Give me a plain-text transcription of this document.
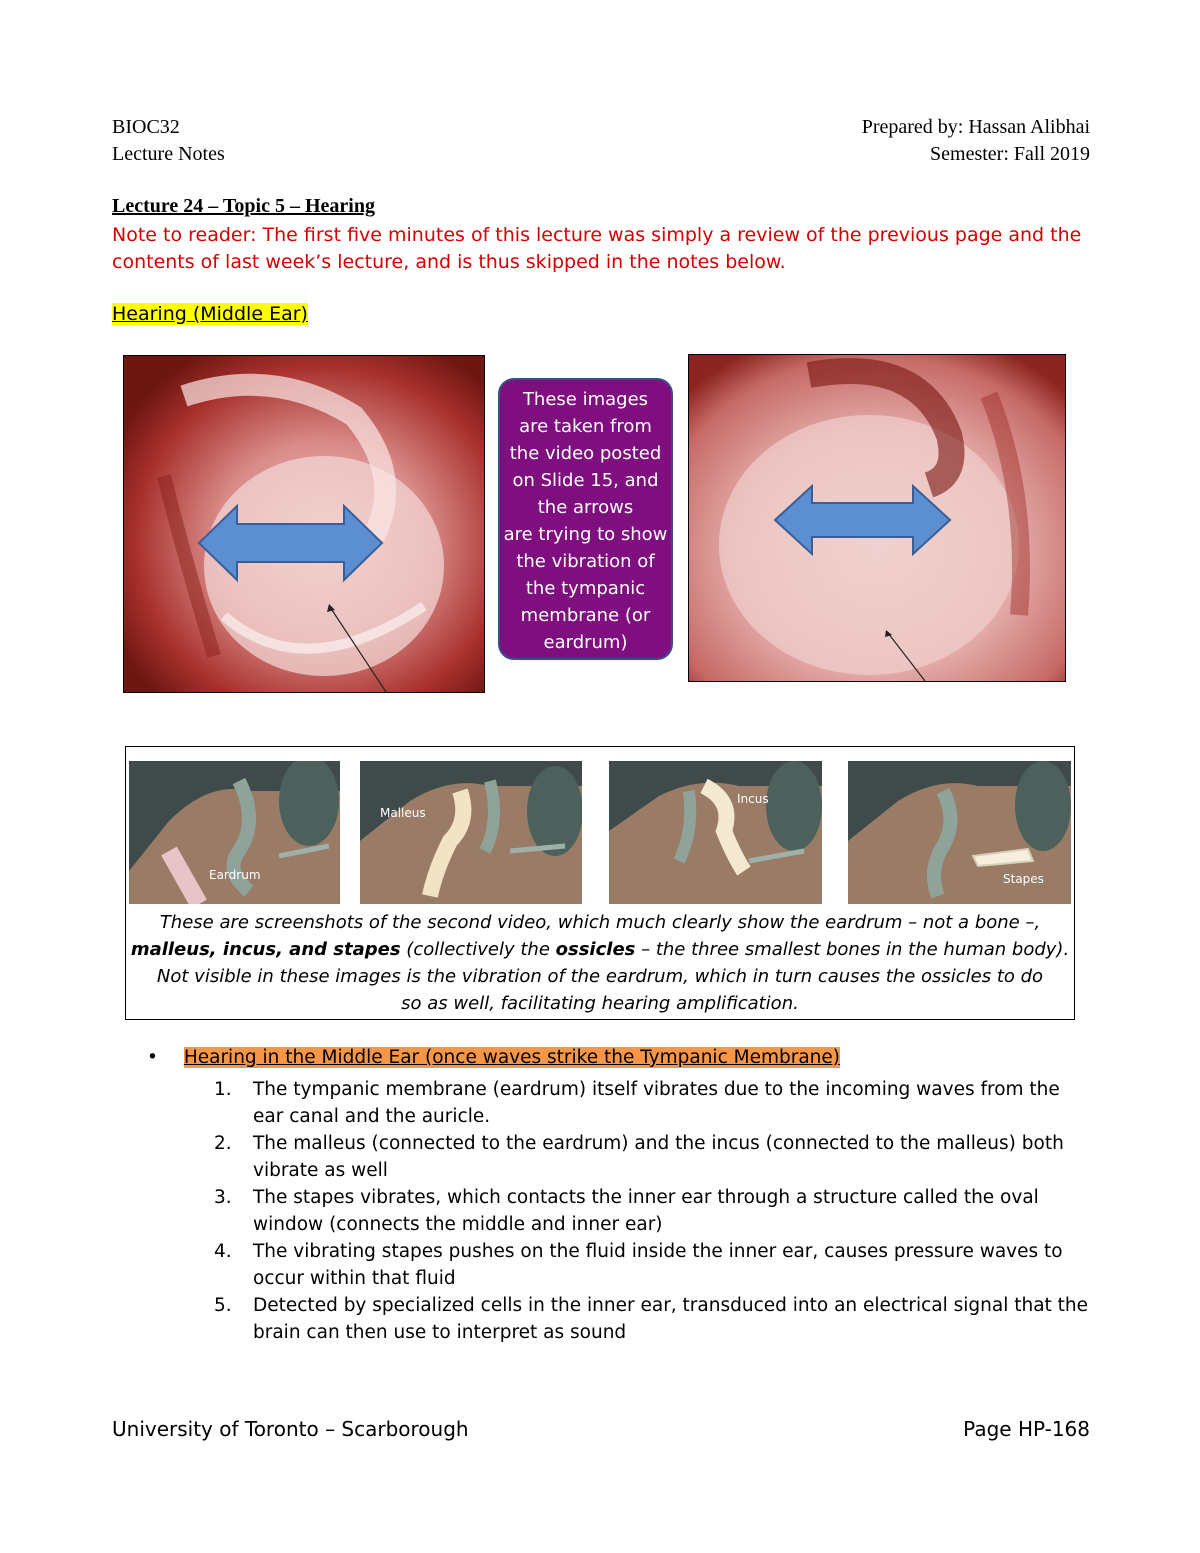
BIOC32
Lecture Notes
Prepared by: Hassan Alibhai
Semester: Fall 2019
Lecture 24 – Topic 5 – Hearing
Note to reader: The first five minutes of this lecture was simply a review of the previous page and the contents of last week’s lecture, and is thus skipped in the notes below.
Hearing (Middle Ear)
These images
are taken from
the video posted
on Slide 15, and
the arrows
are trying to show
the vibration of
the tympanic
membrane (or
eardrum)
Eardrum
Malleus
Incus
Stapes
These are screenshots of the second video, which much clearly show the eardrum – not a bone –,
malleus, incus, and stapes (collectively the ossicles – the three smallest bones in the human body).
Not visible in these images is the vibration of the eardrum, which in turn causes the ossicles to do
so as well, facilitating hearing amplification.
• Hearing in the Middle Ear (once waves strike the Tympanic Membrane)
1. The tympanic membrane (eardrum) itself vibrates due to the incoming waves from the
ear canal and the auricle.
2. The malleus (connected to the eardrum) and the incus (connected to the malleus) both
vibrate as well
3. The stapes vibrates, which contacts the inner ear through a structure called the oval
window (connects the middle and inner ear)
4. The vibrating stapes pushes on the fluid inside the inner ear, causes pressure waves to
occur within that fluid
5. Detected by specialized cells in the inner ear, transduced into an electrical signal that the
brain can then use to interpret as sound
University of Toronto – Scarborough	Page HP-168
